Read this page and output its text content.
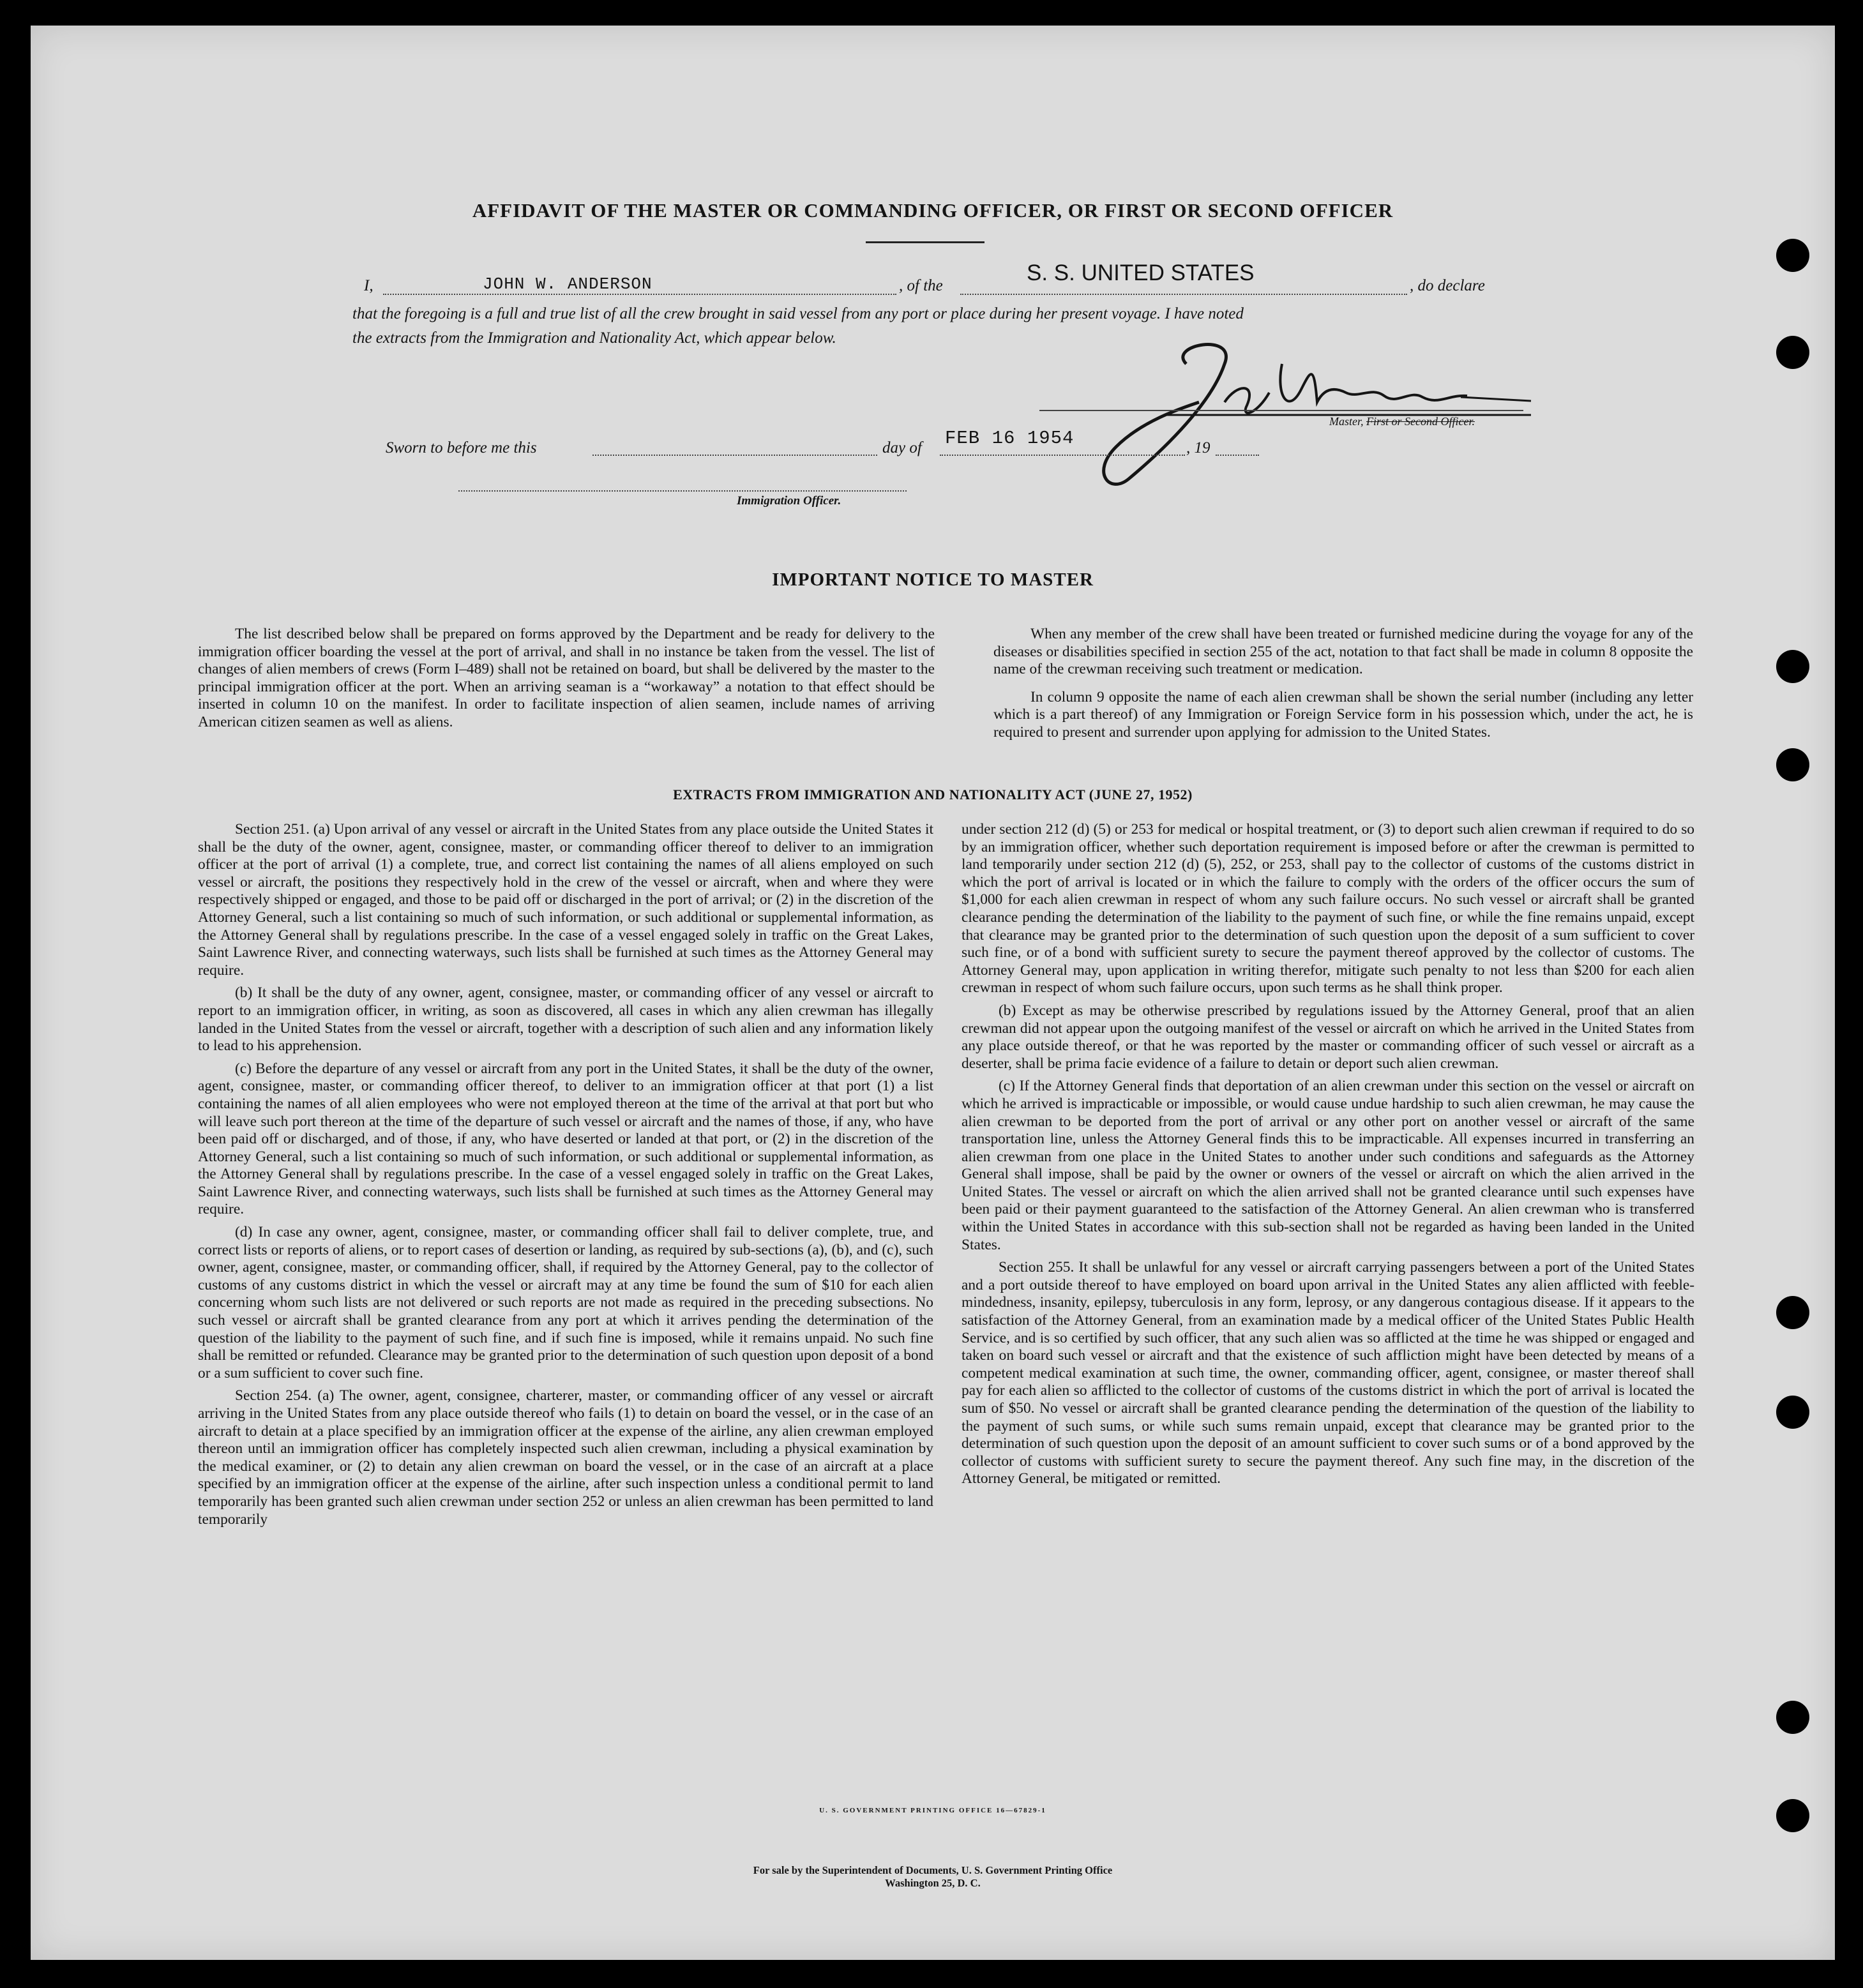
AFFIDAVIT OF THE MASTER OR COMMANDING OFFICER, OR FIRST OR SECOND OFFICER
I,	JOHN W. ANDERSON	, of the
S. S. UNITED STATES
, do declare
that the foregoing is a full and true list of all the crew brought in said vessel from any port or place during her present voyage. I have noted
the extracts from the Immigration and Nationality Act, which appear below.
Master, First or Second Officer.
Sworn to before me this	day of FEB 16 1954	, 19
Immigration Officer.
IMPORTANT NOTICE TO MASTER

The list described below shall be prepared on forms approved by the Department and be ready for delivery to the immigration officer boarding the vessel at the port of arrival, and shall in no instance be taken from the vessel. The list of changes of alien members of crews (Form I–489) shall not be retained on board, but shall be delivered by the master to the principal immigration officer at the port. When an arriving seaman is a “workaway” a notation to that effect should be inserted in column 10 on the manifest. In order to facilitate inspection of alien seamen, include names of arriving American citizen seamen as well as aliens.

When any member of the crew shall have been treated or furnished medicine during the voyage for any of the diseases or disabilities specified in section 255 of the act, notation to that fact shall be made in column 8 opposite the name of the crewman receiving such treatment or medication.

In column 9 opposite the name of each alien crewman shall be shown the serial number (including any letter which is a part thereof) of any Immigration or Foreign Service form in his possession which, under the act, he is required to present and surrender upon applying for admission to the United States.

EXTRACTS FROM IMMIGRATION AND NATIONALITY ACT (JUNE 27, 1952)

Section 251. (a) Upon arrival of any vessel or aircraft in the United States from any place outside the United States it shall be the duty of the owner, agent, consignee, master, or commanding officer thereof to deliver to an immigration officer at the port of arrival (1) a complete, true, and correct list containing the names of all aliens employed on such vessel or aircraft, the positions they respectively hold in the crew of the vessel or aircraft, when and where they were respectively shipped or engaged, and those to be paid off or discharged in the port of arrival; or (2) in the discretion of the Attorney General, such a list containing so much of such information, or such additional or supplemental information, as the Attorney General shall by regulations prescribe. In the case of a vessel engaged solely in traffic on the Great Lakes, Saint Lawrence River, and connecting waterways, such lists shall be furnished at such times as the Attorney General may require.

(b) It shall be the duty of any owner, agent, consignee, master, or commanding officer of any vessel or aircraft to report to an immigration officer, in writing, as soon as discovered, all cases in which any alien crewman has illegally landed in the United States from the vessel or aircraft, together with a description of such alien and any information likely to lead to his apprehension.

(c) Before the departure of any vessel or aircraft from any port in the United States, it shall be the duty of the owner, agent, consignee, master, or commanding officer thereof, to deliver to an immigration officer at that port (1) a list containing the names of all alien employees who were not employed thereon at the time of the arrival at that port but who will leave such port thereon at the time of the departure of such vessel or aircraft and the names of those, if any, who have been paid off or discharged, and of those, if any, who have deserted or landed at that port, or (2) in the discretion of the Attorney General, such a list containing so much of such information, or such additional or supplemental information, as the Attorney General shall by regulations prescribe. In the case of a vessel engaged solely in traffic on the Great Lakes, Saint Lawrence River, and connecting waterways, such lists shall be furnished at such times as the Attorney General may require.

(d) In case any owner, agent, consignee, master, or commanding officer shall fail to deliver complete, true, and correct lists or reports of aliens, or to report cases of desertion or landing, as required by sub-sections (a), (b), and (c), such owner, agent, consignee, master, or commanding officer, shall, if required by the Attorney General, pay to the collector of customs of any customs district in which the vessel or aircraft may at any time be found the sum of $10 for each alien concerning whom such lists are not delivered or such reports are not made as required in the preceding subsections. No such vessel or aircraft shall be granted clearance from any port at which it arrives pending the determination of the question of the liability to the payment of such fine, and if such fine is imposed, while it remains unpaid. No such fine shall be remitted or refunded. Clearance may be granted prior to the determination of such question upon deposit of a bond or a sum sufficient to cover such fine.

Section 254. (a) The owner, agent, consignee, charterer, master, or commanding officer of any vessel or aircraft arriving in the United States from any place outside thereof who fails (1) to detain on board the vessel, or in the case of an aircraft to detain at a place specified by an immigration officer at the expense of the airline, any alien crewman employed thereon until an immigration officer has completely inspected such alien crewman, including a physical examination by the medical examiner, or (2) to detain any alien crewman on board the vessel, or in the case of an aircraft at a place specified by an immigration officer at the expense of the airline, after such inspection unless a conditional permit to land temporarily has been granted such alien crewman under section 252 or unless an alien crewman has been permitted to land temporarily

under section 212 (d) (5) or 253 for medical or hospital treatment, or (3) to deport such alien crewman if required to do so by an immigration officer, whether such deportation requirement is imposed before or after the crewman is permitted to land temporarily under section 212 (d) (5), 252, or 253, shall pay to the collector of customs of the customs district in which the port of arrival is located or in which the failure to comply with the orders of the officer occurs the sum of $1,000 for each alien crewman in respect of whom any such failure occurs. No such vessel or aircraft shall be granted clearance pending the determination of the liability to the payment of such fine, or while the fine remains unpaid, except that clearance may be granted prior to the determination of such question upon the deposit of a sum sufficient to cover such fine, or of a bond with sufficient surety to secure the payment thereof approved by the collector of customs. The Attorney General may, upon application in writing therefor, mitigate such penalty to not less than $200 for each alien crewman in respect of whom such failure occurs, upon such terms as he shall think proper.

(b) Except as may be otherwise prescribed by regulations issued by the Attorney General, proof that an alien crewman did not appear upon the outgoing manifest of the vessel or aircraft on which he arrived in the United States from any place outside thereof, or that he was reported by the master or commanding officer of such vessel or aircraft as a deserter, shall be prima facie evidence of a failure to detain or deport such alien crewman.

(c) If the Attorney General finds that deportation of an alien crewman under this section on the vessel or aircraft on which he arrived is impracticable or impossible, or would cause undue hardship to such alien crewman, he may cause the alien crewman to be deported from the port of arrival or any other port on another vessel or aircraft of the same transportation line, unless the Attorney General finds this to be impracticable. All expenses incurred in transferring an alien crewman from one place in the United States to another under such conditions and safeguards as the Attorney General shall impose, shall be paid by the owner or owners of the vessel or aircraft on which the alien arrived in the United States. The vessel or aircraft on which the alien arrived shall not be granted clearance until such expenses have been paid or their payment guaranteed to the satisfaction of the Attorney General. An alien crewman who is transferred within the United States in accordance with this sub-section shall not be regarded as having been landed in the United States.

Section 255. It shall be unlawful for any vessel or aircraft carrying passengers between a port of the United States and a port outside thereof to have employed on board upon arrival in the United States any alien afflicted with feeble-mindedness, insanity, epilepsy, tuberculosis in any form, leprosy, or any dangerous contagious disease. If it appears to the satisfaction of the Attorney General, from an examination made by a medical officer of the United States Public Health Service, and is so certified by such officer, that any such alien was so afflicted at the time he was shipped or engaged and taken on board such vessel or aircraft and that the existence of such affliction might have been detected by means of a competent medical examination at such time, the owner, commanding officer, agent, consignee, or master thereof shall pay for each alien so afflicted to the collector of customs of the customs district in which the port of arrival is located the sum of $50. No vessel or aircraft shall be granted clearance pending the determination of the question of the liability to the payment of such sums, or while such sums remain unpaid, except that clearance may be granted prior to the determination of such question upon the deposit of an amount sufficient to cover such sums or of a bond approved by the collector of customs with sufficient surety to secure the payment thereof. Any such fine may, in the discretion of the Attorney General, be mitigated or remitted.

U. S. GOVERNMENT PRINTING OFFICE 16—67829-1
For sale by the Superintendent of Documents, U. S. Government Printing Office
Washington 25, D. C.
